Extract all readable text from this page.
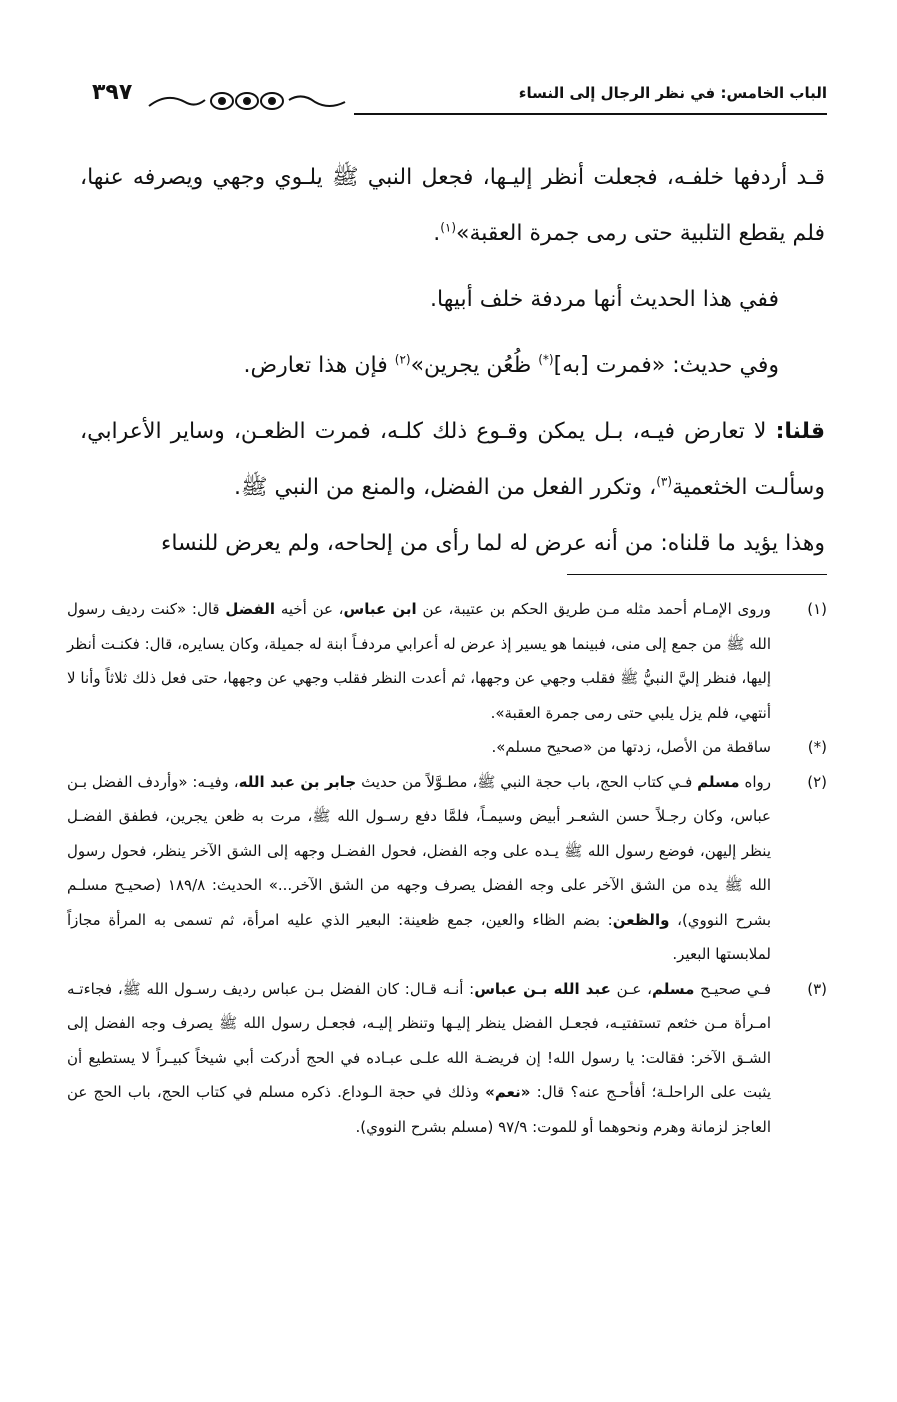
الباب الخامس: في نظر الرجال إلى النساء
٣٩٧

قـد أردفها خلفـه، فجعلت أنظر إليـها، فجعل النبي ﷺ يلـوي وجهي ويصرفه عنها، فلم يقطع التلبية حتى رمى جمرة العقبة»$^{(١)}$.

ففي هذا الحديث أنها مردفة خلف أبيها.

وفي حديث: «فمرت [به](*) ظُعُن يجرين»$^{(٢)}$ فإن هذا تعارض.

قلنا: لا تعارض فيـه، بـل يمكن وقـوع ذلك كلـه، فمرت الظعـن، وساير الأعرابي، وسألـت الخثعمية$^{(٣)}$، وتكرر الفعل من الفضل، والمنع من النبي ﷺ.

وهذا يؤيد ما قلناه: من أنه عرض له لما رأى من إلحاحه، ولم يعرض للنساء

(١)
وروى الإمـام أحمد مثله مـن طريق الحكم بن عتيبة، عن ابن عباس، عن أخيه الفضل قال: «كنت رديف رسول الله ﷺ من جمع إلى منى، فبينما هو يسير إذ عرض له أعرابي مردفـاً ابنة له جميلة، وكان يسايره، قال: فكنـت أنظر إليها، فنظر إليَّ النبيُّ ﷺ فقلب وجهي عن وجهها، ثم أعدت النظر فقلب وجهي عن وجهها، حتى فعل ذلك ثلاثاً وأنا لا أنتهي، فلم يزل يلبي حتى رمى جمرة العقبة».
(*)
ساقطة من الأصل، زدتها من «صحيح مسلم».
(٢)
رواه مسلم فـي كتاب الحج، باب حجة النبي ﷺ، مطـوَّلاً من حديث جابر بن عبد الله، وفيـه: «وأردف الفضل بـن عباس، وكان رجـلاً حسن الشعـر أبيض وسيمـاً، فلمَّا دفع رسـول الله ﷺ، مرت به ظعن يجرين، فطفق الفضـل ينظر إليهن، فوضع رسول الله ﷺ يـده على وجه الفضل، فحول الفضـل وجهه إلى الشق الآخر ينظر، فحول رسول الله ﷺ يده من الشق الآخر على وجه الفضل يصرف وجهه من الشق الآخر...» الحديث: ١٨٩/٨ (صحيـح مسلـم بشرح النووي)، والظعن: بضم الظاء والعين، جمع ظعينة: البعير الذي عليه امرأة، ثم تسمى به المرأة مجازاً لملابستها البعير.
(٣)
فـي صحيـح مسلم، عـن عبد الله بـن عباس: أنـه قـال: كان الفضل بـن عباس رديف رسـول الله ﷺ، فجاءتـه امـرأة مـن خثعم تستفتيـه، فجعـل الفضل ينظر إليـها وتنظر إليـه، فجعـل رسول الله ﷺ يصرف وجه الفضل إلى الشـق الآخر: فقالت: يا رسول الله! إن فريضـة الله علـى عبـاده في الحج أدركت أبي شيخاً كبيـراً لا يستطيع أن يثبت على الراحلـة؛ أفأحـج عنه؟ قال: «نعم» وذلك في حجة الـوداع. ذكره مسلم في كتاب الحج، باب الحج عن العاجز لزمانة وهرم ونحوهما أو للموت: ٩٧/٩ (مسلم بشرح النووي).
